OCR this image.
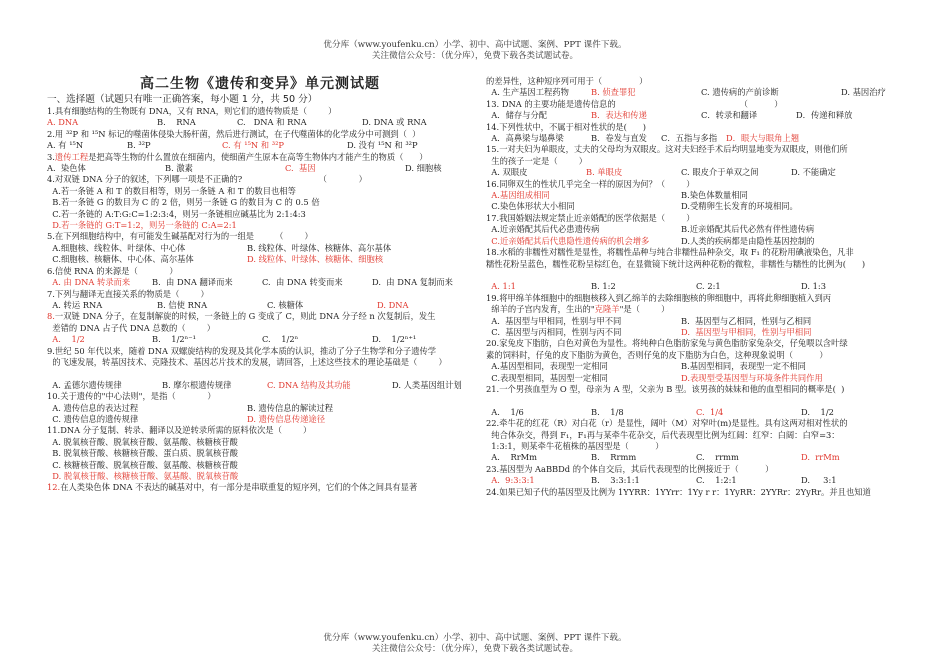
优分库（www.youfenku.cn）小学、初中、高中试题、案例、PPT 课件下载。
关注微信公众号：（优分库），免费下载各类试题试卷。
高二生物《遗传和变异》单元测试题
一、选择题（试题只有唯一正确答案，每小题 1 分，共 50 分）
1.具有细胞结构的生物既有 DNA，又有 RNA，则它们的遗传物质是（        ）
A. DNA	B.    RNA	C.   DNA 和 RNA	D. DNA 或 RNA
2.用 ³²P 和 ¹⁵N 标记的噬菌体侵染大肠杆菌，然后进行测试，在子代噬菌体的化学成分中可测到（  ）
A. 有 ¹⁵N	B. ³²P	C. 有 ¹⁵N 和 ³²P	D. 没有 ¹⁵N 和 ³²P
3.遗传工程是把高等生物的什么置放在细菌内，使细菌产生原本在高等生物体内才能产生的物质（      ）
A.  染色体	B. 激素	C.  基因	D. 细胞核
4.对双链 DNA 分子的叙述，下列哪一项是不正确的?                             （            ）
A.若一条链 A 和 T 的数目相等，则另一条链 A 和 T 的数目也相等
B.若一条链 G 的数目为 C 的 2 倍，则另一条链 G 的数目为 C 的 0.5 倍
C.若一条链的 A:T:G:C=1:2:3:4，则另一条链相应碱基比为 2:1:4:3
D.若一条链的 G:T=1:2，则另一条链的 C:A=2:1
5.在下列细胞结构中，有可能发生碱基配对行为的一组是        （        ）
A.细胞核、线粒体、叶绿体、中心体	B. 线粒体、叶绿体、核糖体、高尔基体
C.细胞核、核糖体、中心体、高尔基体	D. 线粒体、叶绿体、核糖体、细胞核
6.信使 RNA 的来源是（            ）
A. 由 DNA 转录而来	B.  由 DNA 翻译而来	C.  由 DNA 转变而来	D.  由 DNA 复制而来
7.下列与翻译无直接关系的物质是（        ）
A. 转运 RNA	B. 信使 RNA	C. 核糖体	D. DNA
8.一双链 DNA 分子，在复制解旋的时候，一条链上的 G 变成了 C，则此 DNA 分子经 n 次复制后，发生
差错的 DNA 占子代 DNA 总数的（        ）
A.    1/2	B.    1/2ⁿ⁻¹	C.    1/2ⁿ	D.    1/2ⁿ⁺¹
9.世纪 50 年代以来，随着 DNA 双螺旋结构的发现及其化学本质的认识，推动了分子生物学和分子遗传学
的飞速发展，转基因技术、克隆技术、基因芯片技术的发展，请回答，上述这些技术的理论基础是（        ）

A. 孟德尔遗传规律	B. 摩尔根遗传规律	C. DNA 结构及其功能	D. 人类基因组计划
10.关于遗传的"中心法则"，是指（            ）
A. 遗传信息的表达过程	B. 遗传信息的解读过程
C. 遗传信息的遗传规律	D. 遗传信息传递途径
11.DNA 分子复制、转录、翻译以及逆转录所需的原料依次是（        ）
A. 脱氧核苷酸、脱氧核苷酸、氨基酸、核糖核苷酸
B. 脱氧核苷酸、核糖核苷酸、蛋白质、脱氧核苷酸
C. 核糖核苷酸、脱氧核苷酸、氨基酸、核糖核苷酸
D. 脱氧核苷酸、核糖核苷酸、氨基酸、脱氧核苷酸
12.在人类染色体 DNA 不表达的碱基对中，有一部分是串联重复的短序列，它们的个体之间具有显著
的差异性，这种短序列可用于（              ）
A. 生产基因工程药物	B. 侦查罪犯	C. 遗传病的产前诊断	D. 基因治疗
13. DNA 的主要功能是遗传信息的                                               （          ）
A．储存与分配	B．表达和传递	C．转录和翻译	D．传递和释放
14.下列性状中，不属于相对性状的是(      )
A．高鼻梁与塌鼻梁	B．卷发与直发	C．五指与多指	D．眼大与眼角上翘
15.一对夫妇为单眼皮，丈夫的父母均为双眼皮。这对夫妇经手术后均明显地变为双眼皮，则他们所
生的孩子一定是（        ）
A. 双眼皮	B. 单眼皮	C. 眼皮介于单双之间	D. 不能确定
16.同卵双生的性状几乎完全一样的原因为何？（        ）
A.基因组成相同	B.染色体数量相同
C.染色体形状大小相同	D.受精卵生长发育的环境相同。
17.我国婚姻法规定禁止近亲婚配的医学依据是（        ）
A.近亲婚配其后代必患遗传病	B.近亲婚配其后代必然有伴性遗传病
C.近亲婚配其后代患隐性遗传病的机会增多	D.人类的疾病都是由隐性基因控制的
18.水稻的非糯性对糯性是显性，将糯性品种与纯合非糯性品种杂交，取 F₁ 的花粉用碘液染色，凡非
糯性花粉呈蓝色，糯性花粉呈棕红色，在显微镜下统计这两种花粉的微粒，非糯性与糯性的比例为(      )

A. 1:1	B. 1:2	C. 2:1	D. 1:3
19.将甲绵羊体细胞中的细胞核移入到乙绵羊的去除细胞核的卵细胞中，再将此卵细胞植入到丙
绵羊的子宫内发育，生出的"克隆羊"是（        ）
A.  基因型与甲相同，性别与甲不同	B.  基因型与乙相同，性别与乙相同
C.  基因型与丙相同，性别与丙不同	D.  基因型与甲相同，性别与甲相同
20.家兔皮下脂肪，白色对黄色为显性。将纯种白色脂肪家兔与黄色脂肪家兔杂交，仔兔喂以含叶绿
素的饲料时，仔兔的皮下脂肪为黄色，否则仔兔的皮下脂肪为白色，这种现象说明（          ）
A.基因型相同，表现型一定相同	B.基因型相同，表现型一定不相同
C.表现型相同，基因型一定相同	D.表现型受基因型与环境条件共同作用
21.一个男孩血型为 O 型，母亲为 A 型，父亲为 B 型。该男孩的妹妹和他的血型相同的概率是(  )

A.    1/6	B.    1/8	C.  1/4	D.    1/2
22.牵牛花的红花（R）对白花（r）是显性，阔叶（M）对窄叶(m)是显性。具有这两对相对性状的
纯合体杂交，得到 F₁，F₁再与某牵牛花杂交，后代表现型比例为红阔：红窄：白阔：白窄=3：
1:3:1，则某牵牛花植株的基因型是（          ）
A.    RrMm	B.    Rrmm	C.    rrmm	D.  rrMm
23.基因型为 AaBBDd 的个体自交后，其后代表现型的比例接近于（          ）
A.  9:3:3:1	B.    3:3:1:1	C.    1:2:1	D.     3:1
24.如果已知子代的基因型及比例为 1YYRR：1YYrr：1Yy r r：1YyRR：2YYRr：2YyRr。并且也知道
优分库（www.youfenku.cn）小学、初中、高中试题、案例、PPT 课件下载。
关注微信公众号：（优分库），免费下载各类试题试卷。
